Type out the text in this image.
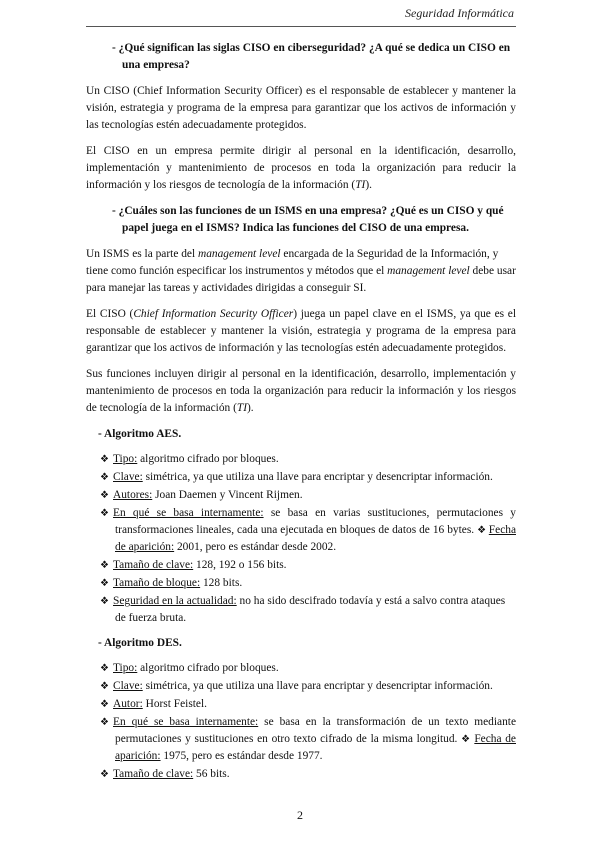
Seguridad Informática
- ¿Qué significan las siglas CISO en ciberseguridad? ¿A qué se dedica un CISO en una empresa?

Un CISO (Chief Information Security Officer) es el responsable de establecer y mantener la visión, estrategia y programa de la empresa para garantizar que los activos de información y las tecnologías estén adecuadamente protegidos.

El CISO en un empresa permite dirigir al personal en la identificación, desarrollo, implementación y mantenimiento de procesos en toda la organización para reducir la información y los riesgos de tecnología de la información (TI).

- ¿Cuáles son las funciones de un ISMS en una empresa? ¿Qué es un CISO y qué papel juega en el ISMS? Indica las funciones del CISO de una empresa.

Un ISMS es la parte del management level encargada de la Seguridad de la Información, y tiene como función especificar los instrumentos y métodos que el management level debe usar para manejar las tareas y actividades dirigidas a conseguir SI.

El CISO (Chief Information Security Officer) juega un papel clave en el ISMS, ya que es el responsable de establecer y mantener la visión, estrategia y programa de la empresa para garantizar que los activos de información y las tecnologías estén adecuadamente protegidos.

Sus funciones incluyen dirigir al personal en la identificación, desarrollo, implementación y mantenimiento de procesos en toda la organización para reducir la información y los riesgos de tecnología de la información (TI).

- Algoritmo AES.
❖ Tipo: algoritmo cifrado por bloques.
❖ Clave: simétrica, ya que utiliza una llave para encriptar y desencriptar información.
❖ Autores: Joan Daemen y Vincent Rijmen.
❖ En qué se basa internamente: se basa en varias sustituciones, permutaciones y transformaciones lineales, cada una ejecutada en bloques de datos de 16 bytes. ❖ Fecha de aparición: 2001, pero es estándar desde 2002.
❖ Tamaño de clave: 128, 192 o 156 bits.
❖ Tamaño de bloque: 128 bits.
❖ Seguridad en la actualidad: no ha sido descifrado todavía y está a salvo contra ataques de fuerza bruta.
- Algoritmo DES.
❖ Tipo: algoritmo cifrado por bloques.
❖ Clave: simétrica, ya que utiliza una llave para encriptar y desencriptar información.
❖ Autor: Horst Feistel.
❖ En qué se basa internamente: se basa en la transformación de un texto mediante permutaciones y sustituciones en otro texto cifrado de la misma longitud. ❖ Fecha de aparición: 1975, pero es estándar desde 1977.
❖ Tamaño de clave: 56 bits.
2
